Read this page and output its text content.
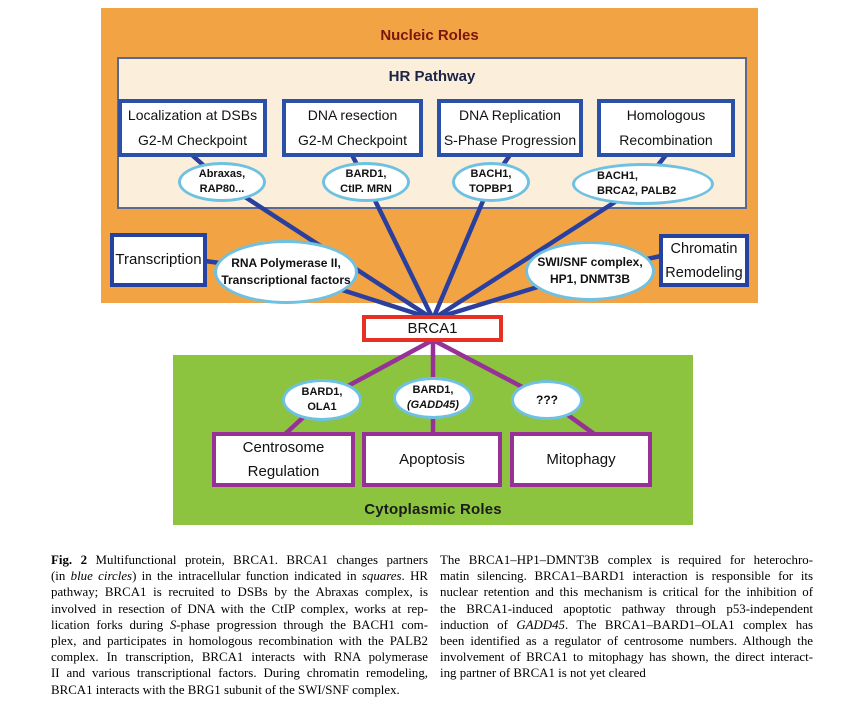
Nucleic Roles
HR Pathway
Cytoplasmic Roles
Localization at DSBs
G2-M Checkpoint
DNA resection
G2-M Checkpoint
DNA Replication
S-Phase Progression
Homologous
Recombination
Abraxas,
RAP80...
BARD1,
CtIP. MRN
BACH1,
TOPBP1
BACH1,
BRCA2, PALB2
Transcription RNA Polymerase II,
Transcriptional factors
SWI/SNF complex,
HP1, DNMT3B
Chromatin
Remodeling
BRCA1
BARD1,
OLA1
BARD1,
(GADD45)	???
Centrosome
Regulation
Apoptosis	Mitophagy
Fig. 2 Multifunctional protein, BRCA1. BRCA1 changes partners
(in blue circles) in the intracellular function indicated in squares. HR
pathway; BRCA1 is recruited to DSBs by the Abraxas complex, is
involved in resection of DNA with the CtIP complex, works at rep-
lication forks during S-phase progression through the BACH1 com-
plex, and participates in homologous recombination with the PALB2
complex. In transcription, BRCA1 interacts with RNA polymerase
II and various transcriptional factors. During chromatin remodeling,
BRCA1 interacts with the BRG1 subunit of the SWI/SNF complex.
The BRCA1–HP1–DMNT3B complex is required for heterochro-
matin silencing. BRCA1–BARD1 interaction is responsible for its
nuclear retention and this mechanism is critical for the inhibition of
the BRCA1-induced apoptotic pathway through p53-independent
induction of GADD45. The BRCA1–BARD1–OLA1 complex has
been identified as a regulator of centrosome numbers. Although the
involvement of BRCA1 to mitophagy has shown, the direct interact-
ing partner of BRCA1 is not yet cleared
